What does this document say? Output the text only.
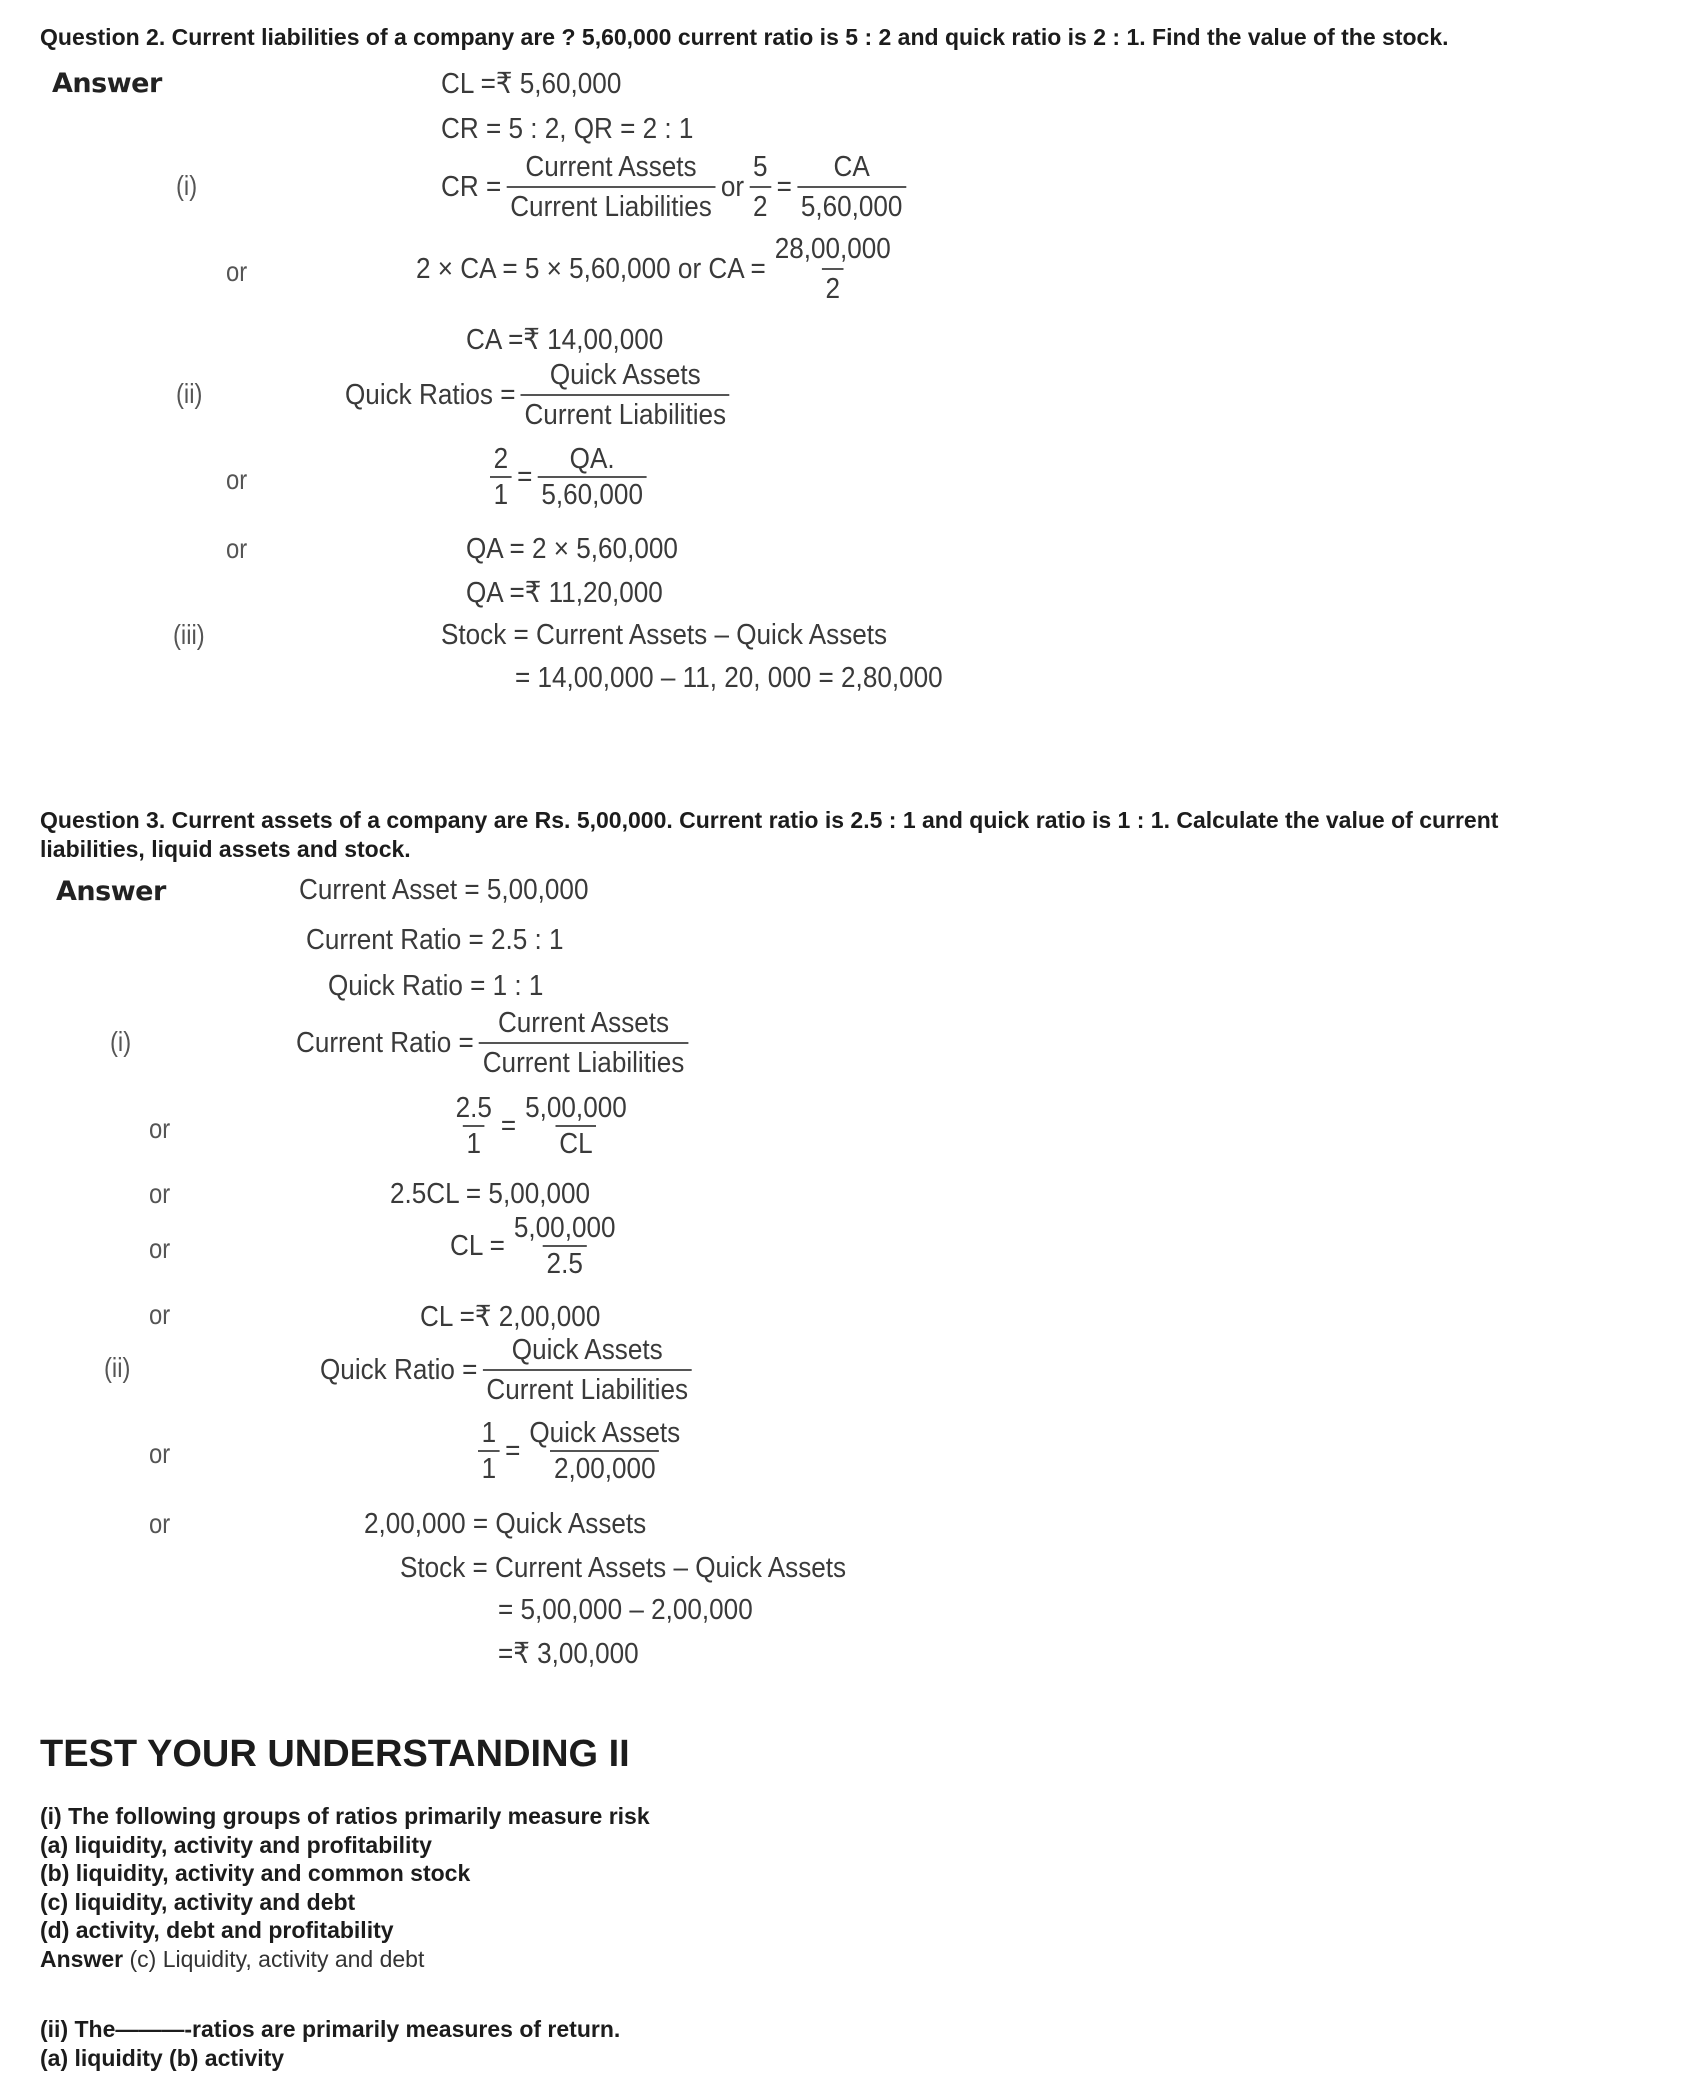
Question 2. Current liabilities of a company are ? 5,60,000 current ratio is 5 : 2 and quick ratio is 2 : 1. Find the value of the stock.
Answer	CL =₹ 5,60,000
CR = 5 : 2, QR = 2 : 1
(i)	CR = $\frac{\text{Current Assets}}{\text{Current Liabilities}}$ or $\frac{5}{2} = \frac{CA}{5,60,000}$
or	2 × CA = 5 × 5,60,000 or CA = $\frac{28,00,000}{2}$
CA =₹ 14,00,000
(ii)	Quick Ratios = $\frac{\text{Quick Assets}}{\text{Current Liabilities}}$
or	$\frac{2}{1} = \frac{QA.}{5,60,000}$
or	QA = 2 × 5,60,000
QA =₹ 11,20,000
(iii)	Stock = Current Assets – Quick Assets
= 14,00,000 – 11, 20, 000 = 2,80,000
Question 3. Current assets of a company are Rs. 5,00,000. Current ratio is 2.5 : 1 and quick ratio is 1 : 1. Calculate the value of current
liabilities, liquid assets and stock.
Answer	Current Asset = 5,00,000
Current Ratio = 2.5 : 1
Quick Ratio = 1 : 1
(i)	Current Ratio = $\frac{\text{Current Assets}}{\text{Current Liabilities}}$
or	$\frac{2.5}{1} = \frac{5,00,000}{CL}$
or	2.5CL = 5,00,000
or	CL = $\frac{5,00,000}{2.5}$
or	CL =₹ 2,00,000
(ii)	Quick Ratio = $\frac{\text{Quick Assets}}{\text{Current Liabilities}}$
or	$\frac{1}{1} = \frac{\text{Quick Assets}}{2,00,000}$
or	2,00,000 = Quick Assets
Stock = Current Assets – Quick Assets
= 5,00,000 – 2,00,000
=₹ 3,00,000
TEST YOUR UNDERSTANDING II
(i) The following groups of ratios primarily measure risk
(a) liquidity, activity and profitability
(b) liquidity, activity and common stock
(c) liquidity, activity and debt
(d) activity, debt and profitability
Answer (c) Liquidity, activity and debt
(ii) The———-ratios are primarily measures of return.
(a) liquidity (b) activity
